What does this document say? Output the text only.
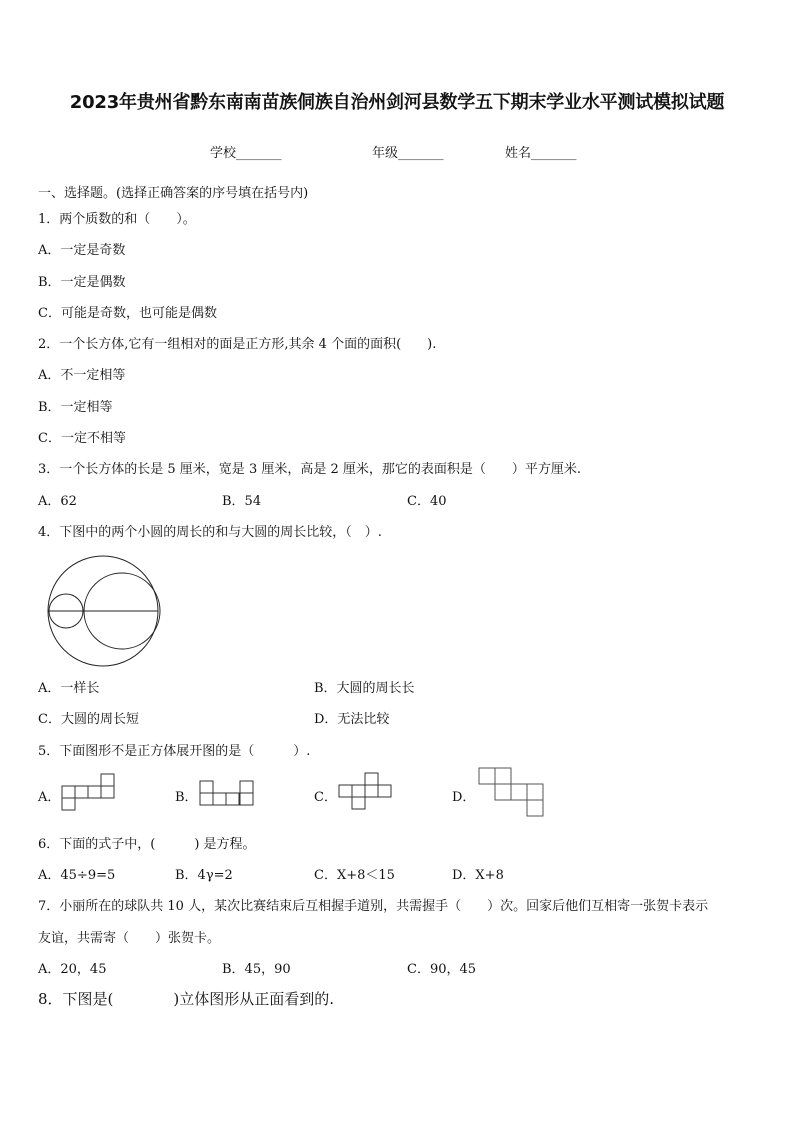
2023年贵州省黔东南南苗族侗族自治州剑河县数学五下期末学业水平测试模拟试题
学校_______	年级_______	姓名_______
一、选择题。(选择正确答案的序号填在括号内)
1．两个质数的和（　　）。
A．一定是奇数
B．一定是偶数
C．可能是奇数，也可能是偶数
2．一个长方体,它有一组相对的面是正方形,其余 4 个面的面积(　　).
A．不一定相等
B．一定相等
C．一定不相等
3．一个长方体的长是 5 厘米，宽是 3 厘米，高是 2 厘米，那它的表面积是（　　）平方厘米.
A．62	B．54	C．40
4．下图中的两个小圆的周长的和与大圆的周长比较，（　）.
A．一样长	B．大圆的周长长
C．大圆的周长短	D．无法比较
5．下面图形不是正方体展开图的是（　　　）.
A．	B．	C．	D．
6．下面的式子中，(　　　) 是方程。
A．45÷9=5	B．4γ=2	C．X+8＜15	D．X+8
7．小丽所在的球队共 10 人，某次比赛结束后互相握手道别，共需握手（　　）次。回家后他们互相寄一张贺卡表示
友谊，共需寄（　　）张贺卡。
A．20，45	B．45，90	C．90，45
8．下图是(　　　　)立体图形从正面看到的.
